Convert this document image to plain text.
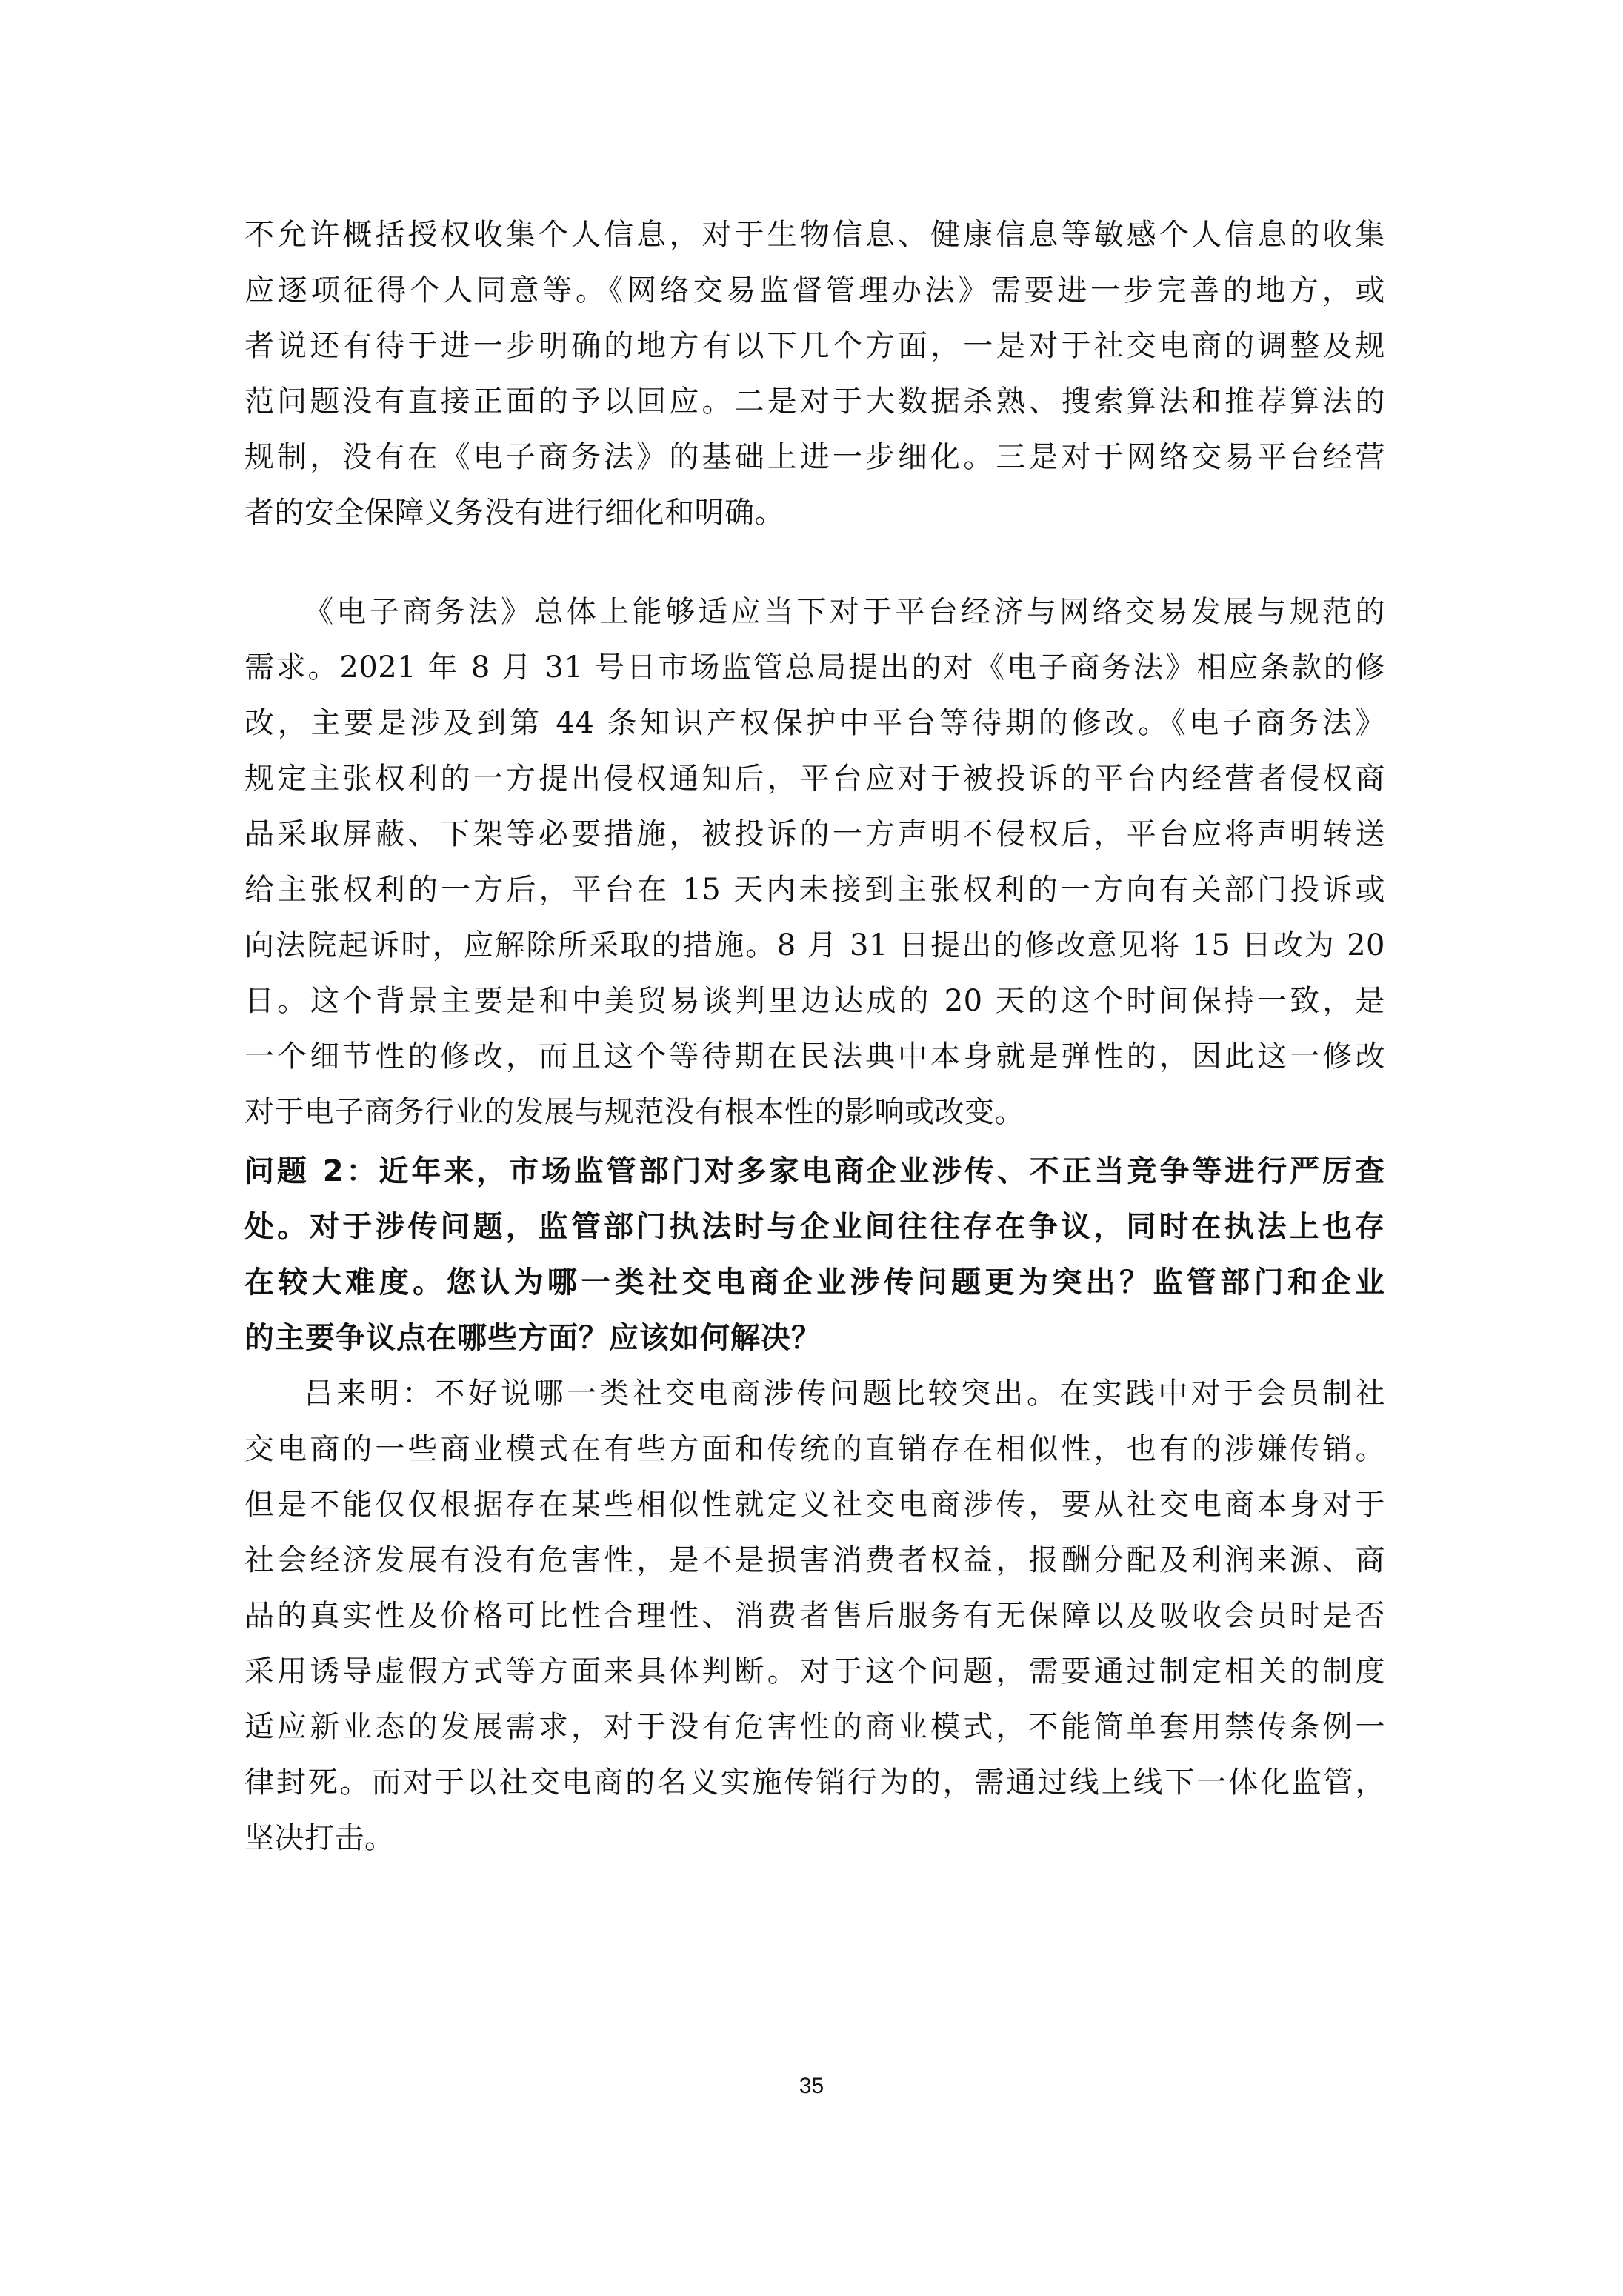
不允许概括授权收集个人信息，对于生物信息、健康信息等敏感个人信息的收集
应逐项征得个人同意等。《网络交易监督管理办法》需要进一步完善的地方，或
者说还有待于进一步明确的地方有以下几个方面，一是对于社交电商的调整及规
范问题没有直接正面的予以回应。二是对于大数据杀熟、搜索算法和推荐算法的
规制，没有在《电子商务法》的基础上进一步细化。三是对于网络交易平台经营
者的安全保障义务没有进行细化和明确。
《电子商务法》总体上能够适应当下对于平台经济与网络交易发展与规范的
需求。2021 年 8 月 31 号日市场监管总局提出的对《电子商务法》相应条款的修
改，主要是涉及到第 44 条知识产权保护中平台等待期的修改。《电子商务法》
规定主张权利的一方提出侵权通知后，平台应对于被投诉的平台内经营者侵权商
品采取屏蔽、下架等必要措施，被投诉的一方声明不侵权后，平台应将声明转送
给主张权利的一方后，平台在 15 天内未接到主张权利的一方向有关部门投诉或
向法院起诉时，应解除所采取的措施。8 月 31 日提出的修改意见将 15 日改为 20
日。这个背景主要是和中美贸易谈判里边达成的 20 天的这个时间保持一致，是
一个细节性的修改，而且这个等待期在民法典中本身就是弹性的，因此这一修改
对于电子商务行业的发展与规范没有根本性的影响或改变。
问题 2：近年来，市场监管部门对多家电商企业涉传、不正当竞争等进行严厉查
处。对于涉传问题，监管部门执法时与企业间往往存在争议，同时在执法上也存
在较大难度。您认为哪一类社交电商企业涉传问题更为突出？监管部门和企业
的主要争议点在哪些方面？应该如何解决？
吕来明：不好说哪一类社交电商涉传问题比较突出。在实践中对于会员制社
交电商的一些商业模式在有些方面和传统的直销存在相似性，也有的涉嫌传销。
但是不能仅仅根据存在某些相似性就定义社交电商涉传，要从社交电商本身对于
社会经济发展有没有危害性，是不是损害消费者权益，报酬分配及利润来源、商
品的真实性及价格可比性合理性、消费者售后服务有无保障以及吸收会员时是否
采用诱导虚假方式等方面来具体判断。对于这个问题，需要通过制定相关的制度
适应新业态的发展需求，对于没有危害性的商业模式，不能简单套用禁传条例一
律封死。而对于以社交电商的名义实施传销行为的，需通过线上线下一体化监管，
坚决打击。
35
